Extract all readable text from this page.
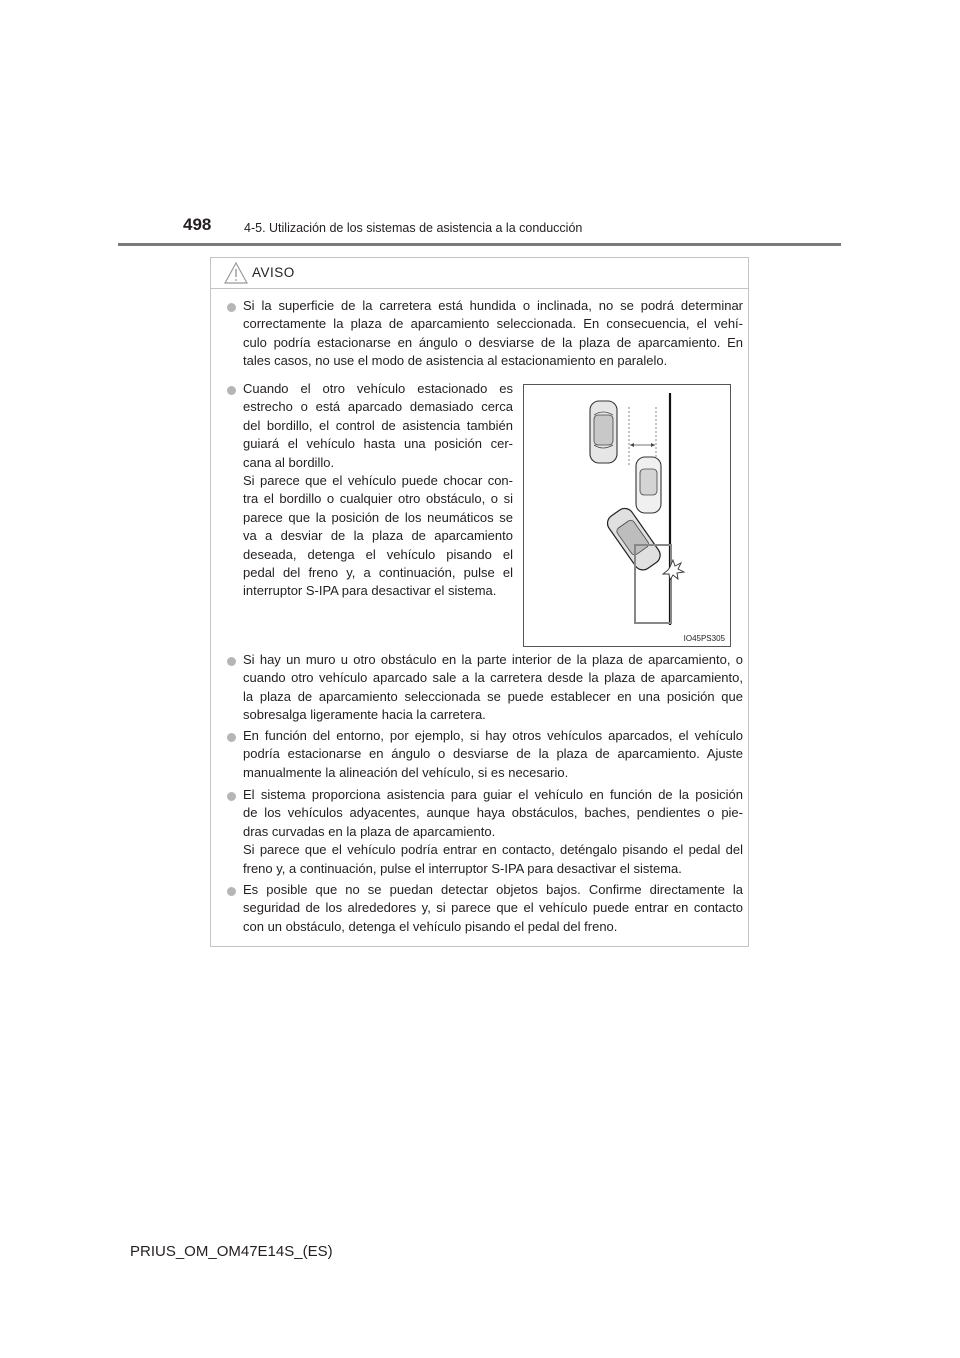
498	4-5. Utilización de los sistemas de asistencia a la conducción
AVISO
Si la superficie de la carretera está hundida o inclinada, no se podrá determinar
correctamente la plaza de aparcamiento seleccionada. En consecuencia, el vehí-
culo podría estacionarse en ángulo o desviarse de la plaza de aparcamiento. En
tales casos, no use el modo de asistencia al estacionamiento en paralelo.
Cuando el otro vehículo estacionado es
estrecho o está aparcado demasiado cerca
del bordillo, el control de asistencia también
guiará el vehículo hasta una posición cer-
cana al bordillo.
Si parece que el vehículo puede chocar con-
tra el bordillo o cualquier otro obstáculo, o si
parece que la posición de los neumáticos se
va a desviar de la plaza de aparcamiento
deseada, detenga el vehículo pisando el
pedal del freno y, a continuación, pulse el
interruptor S-IPA para desactivar el sistema.
IO45PS305
Si hay un muro u otro obstáculo en la parte interior de la plaza de aparcamiento, o
cuando otro vehículo aparcado sale a la carretera desde la plaza de aparcamiento,
la plaza de aparcamiento seleccionada se puede establecer en una posición que
sobresalga ligeramente hacia la carretera.
En función del entorno, por ejemplo, si hay otros vehículos aparcados, el vehículo
podría estacionarse en ángulo o desviarse de la plaza de aparcamiento. Ajuste
manualmente la alineación del vehículo, si es necesario.
El sistema proporciona asistencia para guiar el vehículo en función de la posición
de los vehículos adyacentes, aunque haya obstáculos, baches, pendientes o pie-
dras curvadas en la plaza de aparcamiento.
Si parece que el vehículo podría entrar en contacto, deténgalo pisando el pedal del
freno y, a continuación, pulse el interruptor S-IPA para desactivar el sistema.
Es posible que no se puedan detectar objetos bajos. Confirme directamente la
seguridad de los alrededores y, si parece que el vehículo puede entrar en contacto
con un obstáculo, detenga el vehículo pisando el pedal del freno.
PRIUS_OM_OM47E14S_(ES)
